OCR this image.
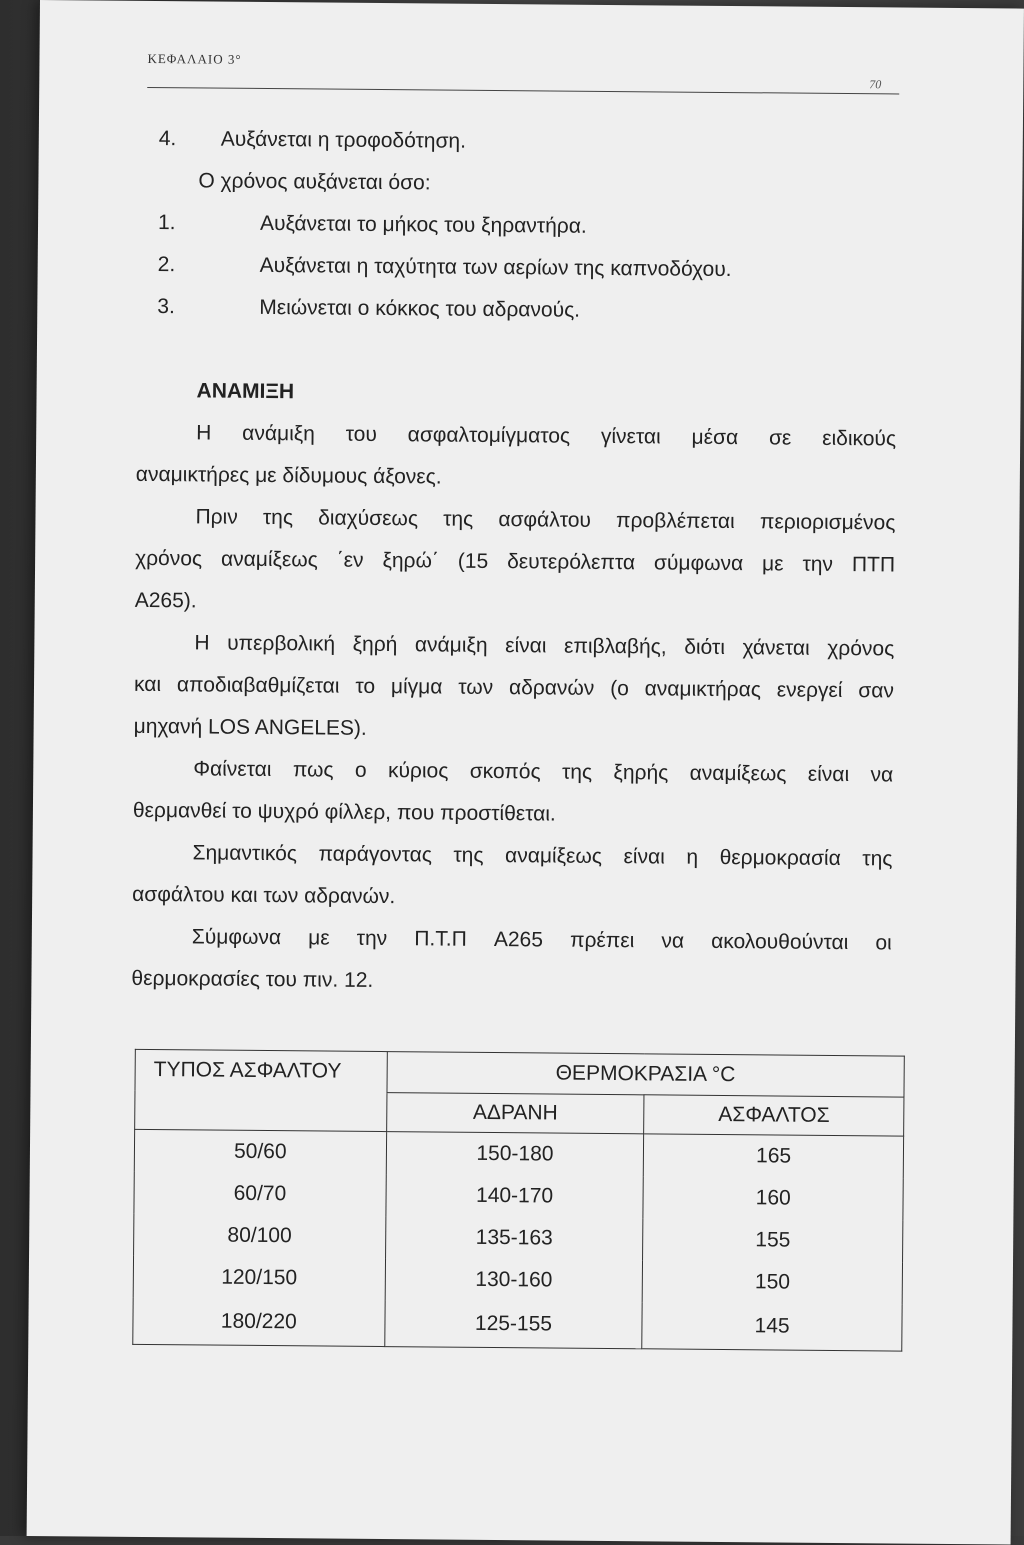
ΚΕΦΑΛΑΙΟ 3°
70
4. Αυξάνεται η τροφοδότηση.
Ο χρόνος αυξάνεται όσο:
1.	Αυξάνεται το μήκος του ξηραντήρα.
2.	Αυξάνεται η ταχύτητα των αερίων της καπνοδόχου.
3.	Μειώνεται ο κόκκος του αδρανούς.
ΑΝΑΜΙΞΗ
Η ανάμιξη του ασφαλτομίγματος γίνεται μέσα σε ειδικούς
αναμικτήρες με δίδυμους άξονες.
Πριν της διαχύσεως της ασφάλτου προβλέπεται περιορισμένος
χρόνος αναμίξεως ΄εν ξηρώ΄ (15 δευτερόλεπτα σύμφωνα με την ΠΤΠ
Α265).
Η υπερβολική ξηρή ανάμιξη είναι επιβλαβής, διότι χάνεται χρόνος
και αποδιαβαθμίζεται το μίγμα των αδρανών (ο αναμικτήρας ενεργεί σαν
μηχανή LOS ANGELES).
Φαίνεται πως ο κύριος σκοπός της ξηρής αναμίξεως είναι να
θερμανθεί το ψυχρό φίλλερ, που προστίθεται.
Σημαντικός παράγοντας της αναμίξεως είναι η θερμοκρασία της
ασφάλτου και των αδρανών.
Σύμφωνα με την Π.Τ.Π Α265 πρέπει να ακολουθούνται οι
θερμοκρασίες του πιν. 12.
ΤΥΠΟΣ ΑΣΦΑΛΤΟΥ	ΘΕΡΜΟΚΡΑΣΙΑ °C	
	ΑΔΡΑΝΗ	ΑΣΦΑΛΤΟΣ
50/60	150-180	165
60/70	140-170	160
80/100	135-163	155
120/150	130-160	150
180/220	125-155	145
